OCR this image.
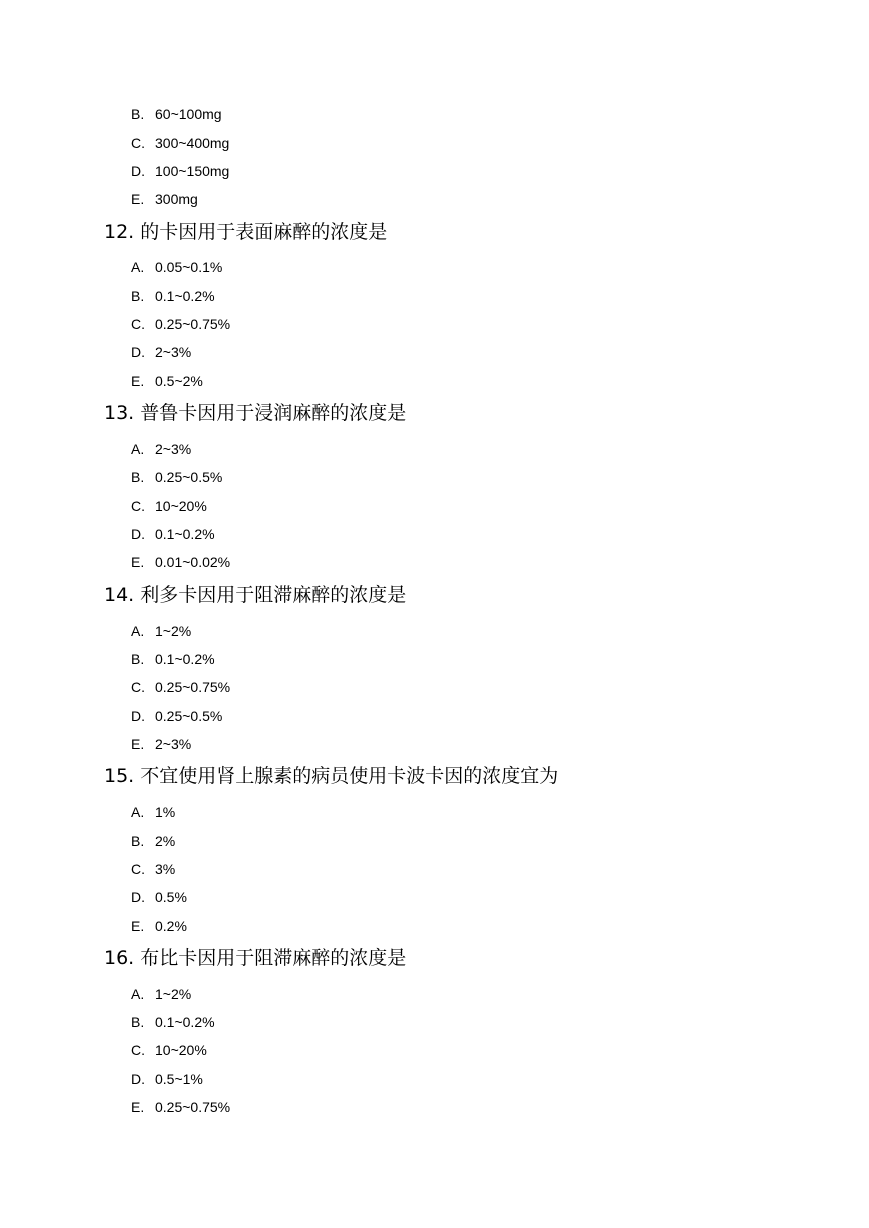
B. 60~100mg
C. 300~400mg
D. 100~150mg
E. 300mg
12. 的卡因用于表面麻醉的浓度是
A. 0.05~0.1%
B. 0.1~0.2%
C. 0.25~0.75%
D. 2~3%
E. 0.5~2%
13. 普鲁卡因用于浸润麻醉的浓度是
A. 2~3%
B. 0.25~0.5%
C. 10~20%
D. 0.1~0.2%
E. 0.01~0.02%
14. 利多卡因用于阻滞麻醉的浓度是
A. 1~2%
B. 0.1~0.2%
C. 0.25~0.75%
D. 0.25~0.5%
E. 2~3%
15. 不宜使用肾上腺素的病员使用卡波卡因的浓度宜为
A. 1%
B. 2%
C. 3%
D. 0.5%
E. 0.2%
16. 布比卡因用于阻滞麻醉的浓度是
A. 1~2%
B. 0.1~0.2%
C. 10~20%
D. 0.5~1%
E. 0.25~0.75%
